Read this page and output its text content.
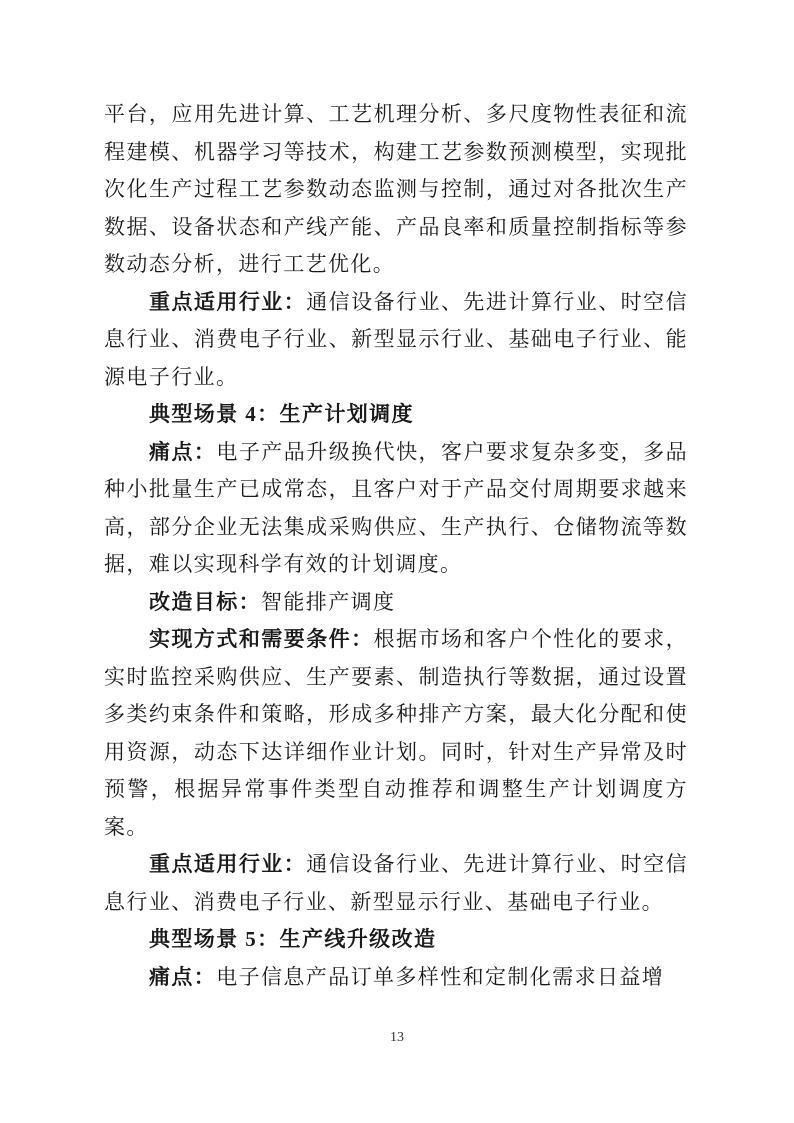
平台，应用先进计算、工艺机理分析、多尺度物性表征和流程建模、机器学习等技术，构建工艺参数预测模型，实现批次化生产过程工艺参数动态监测与控制，通过对各批次生产数据、设备状态和产线产能、产品良率和质量控制指标等参数动态分析，进行工艺优化。

重点适用行业：通信设备行业、先进计算行业、时空信息行业、消费电子行业、新型显示行业、基础电子行业、能源电子行业。

典型场景 4：生产计划调度

痛点：电子产品升级换代快，客户要求复杂多变，多品种小批量生产已成常态，且客户对于产品交付周期要求越来高，部分企业无法集成采购供应、生产执行、仓储物流等数据，难以实现科学有效的计划调度。

改造目标：智能排产调度

实现方式和需要条件：根据市场和客户个性化的要求，实时监控采购供应、生产要素、制造执行等数据，通过设置多类约束条件和策略，形成多种排产方案，最大化分配和使用资源，动态下达详细作业计划。同时，针对生产异常及时预警，根据异常事件类型自动推荐和调整生产计划调度方案。

重点适用行业：通信设备行业、先进计算行业、时空信息行业、消费电子行业、新型显示行业、基础电子行业。

典型场景 5：生产线升级改造

痛点：电子信息产品订单多样性和定制化需求日益增

13
